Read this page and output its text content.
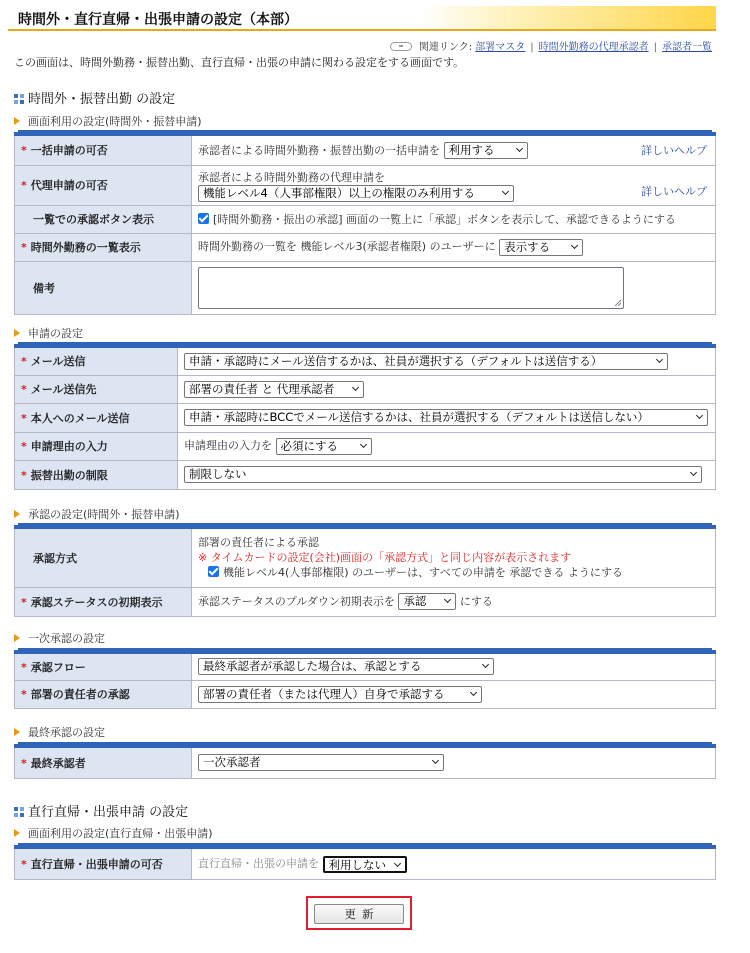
時間外・直行直帰・出張申請の設定（本部）
関連リンク: 部署マスタ | 時間外勤務の代理承認者 | 承認者一覧
この画面は、時間外勤務・振替出勤、直行直帰・出張の申請に関わる設定をする画面です。
時間外・振替出勤 の設定
画面利用の設定(時間外・振替申請)
* 一括申請の可否	承認者による時間外勤務・振替出勤の一括申請を 利用する 詳しいヘルプ

* 代理申請の可否	承認者による時間外勤務の代理申請を
機能レベル4（人事部権限）以上の権限のみ利用する 詳しいヘルプ

一覧での承認ボタン表示	[時間外勤務・振出の承認] 画面の一覧上に「承認」ボタンを表示して、承認できるようにする
* 時間外勤務の一覧表示	時間外勤務の一覧を 機能レベル3(承認者権限) のユーザーに 表示する
備考	
申請の設定
* メール送信	申請・承認時にメール送信するかは、社員が選択する（デフォルトは送信する）
* メール送信先	部署の責任者 と 代理承認者
* 本人へのメール送信	申請・承認時にBCCでメール送信するかは、社員が選択する（デフォルトは送信しない）
* 申請理由の入力	申請理由の入力を 必須にする
* 振替出勤の制限	制限しない
承認の設定(時間外・振替申請)
承認方式	部署の責任者による承認
※ タイムカードの設定(会社)画面の「承認方式」と同じ内容が表示されます
機能レベル4(人事部権限) のユーザーは、すべての申請を 承認できる ようにする

* 承認ステータスの初期表示	承認ステータスのプルダウン初期表示を 承認 にする
一次承認の設定
* 承認フロー	最終承認者が承認した場合は、承認とする
* 部署の責任者の承認	部署の責任者（または代理人）自身で承認する
最終承認の設定
* 最終承認者	一次承認者
直行直帰・出張申請 の設定
画面利用の設定(直行直帰・出張申請)
* 直行直帰・出張申請の可否	直行直帰・出張の申請を 利用しない
更新
